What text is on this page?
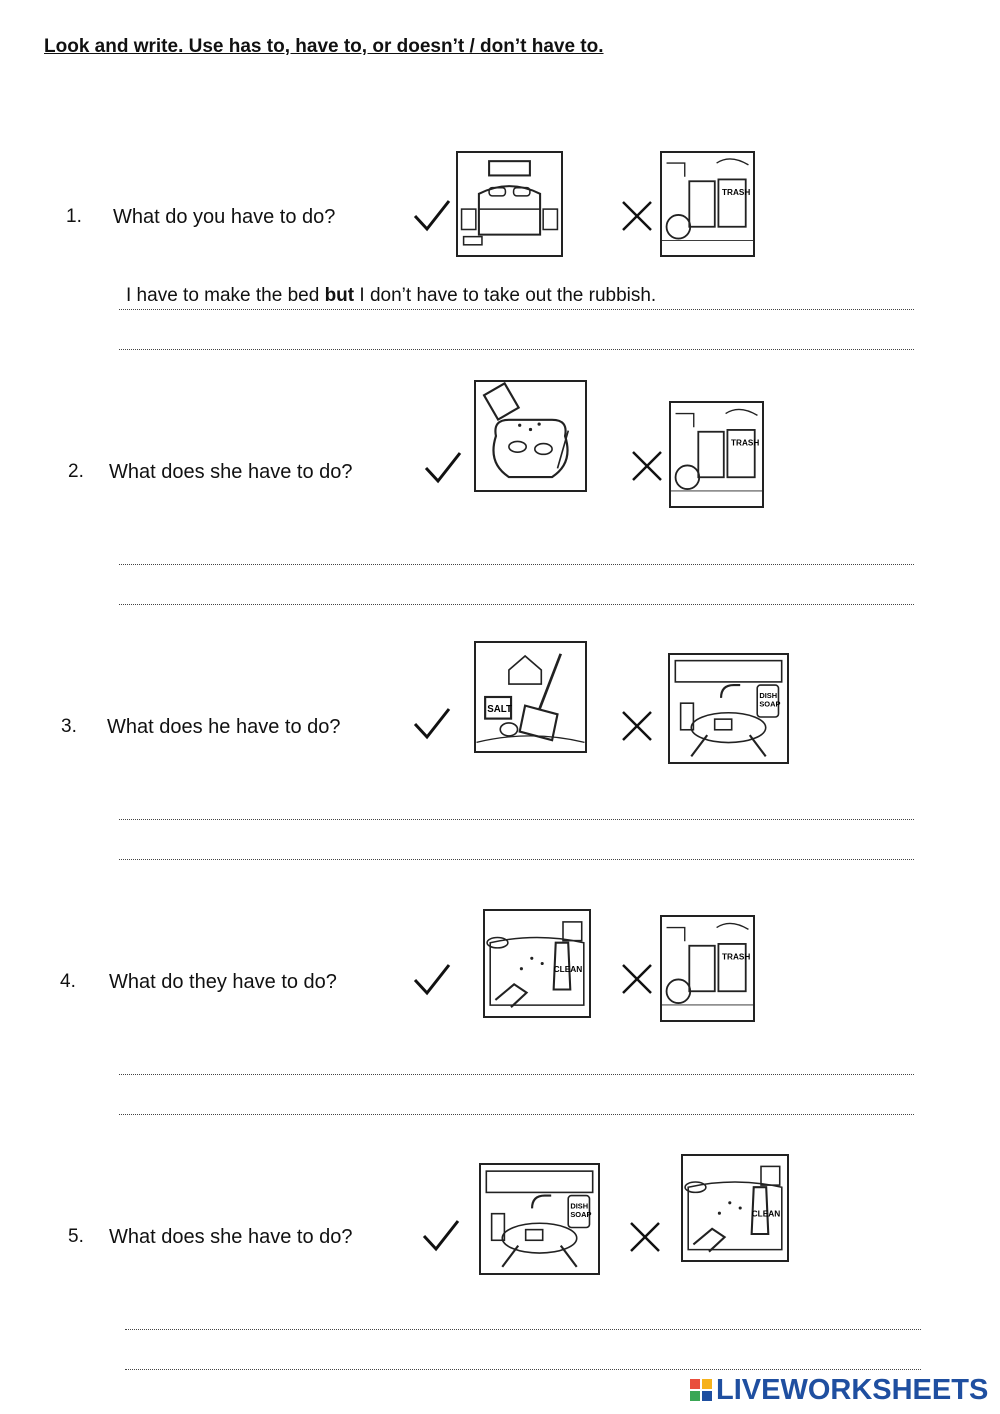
Look and write. Use has to, have to, or doesn’t / don’t have to.
1. What do you have to do?
TRASH
I have to make the bed but I don’t have to take out the rubbish.
2. What does she have to do?
TRASH
3. What does he have to do?
SALT
DISH
SOAP
4. What do they have to do?
CLEAN
TRASH
5. What does she have to do?
DISH
SOAP	CLEAN
LIVEWORKSHEETS
